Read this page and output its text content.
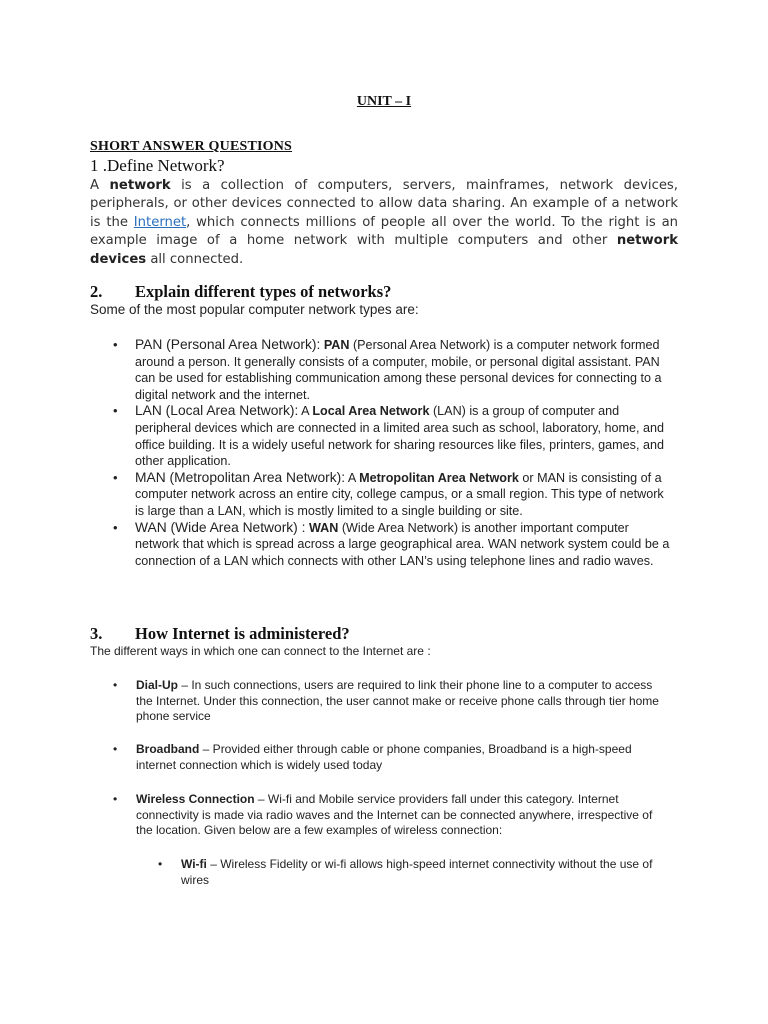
UNIT – I
SHORT ANSWER QUESTIONS
1 .Define Network?
A network is a collection of computers, servers, mainframes, network devices, peripherals, or other devices connected to allow data sharing. An example of a network is the Internet, which connects millions of people all over the world. To the right is an example image of a home network with multiple computers and other network devices all connected.
2. Explain different types of networks?
Some of the most popular computer network types are:
• PAN (Personal Area Network): PAN (Personal Area Network) is a computer network formed around a person. It generally consists of a computer, mobile, or personal digital assistant. PAN can be used for establishing communication among these personal devices for connecting to a digital network and the internet.
• LAN (Local Area Network): A Local Area Network (LAN) is a group of computer and peripheral devices which are connected in a limited area such as school, laboratory, home, and office building. It is a widely useful network for sharing resources like files, printers, games, and other application.
• MAN (Metropolitan Area Network): A Metropolitan Area Network or MAN is consisting of a computer network across an entire city, college campus, or a small region. This type of network is large than a LAN, which is mostly limited to a single building or site.
• WAN (Wide Area Network) : WAN (Wide Area Network) is another important computer network that which is spread across a large geographical area. WAN network system could be a connection of a LAN which connects with other LAN’s using telephone lines and radio waves.
3. How Internet is administered?
The different ways in which one can connect to the Internet are :
• Dial-Up – In such connections, users are required to link their phone line to a computer to access the Internet. Under this connection, the user cannot make or receive phone calls through tier home phone service
• Broadband – Provided either through cable or phone companies, Broadband is a high-speed internet connection which is widely used today
• Wireless Connection – Wi-fi and Mobile service providers fall under this category. Internet connectivity is made via radio waves and the Internet can be connected anywhere, irrespective of the location. Given below are a few examples of wireless connection:
• Wi-fi – Wireless Fidelity or wi-fi allows high-speed internet connectivity without the use of wires
